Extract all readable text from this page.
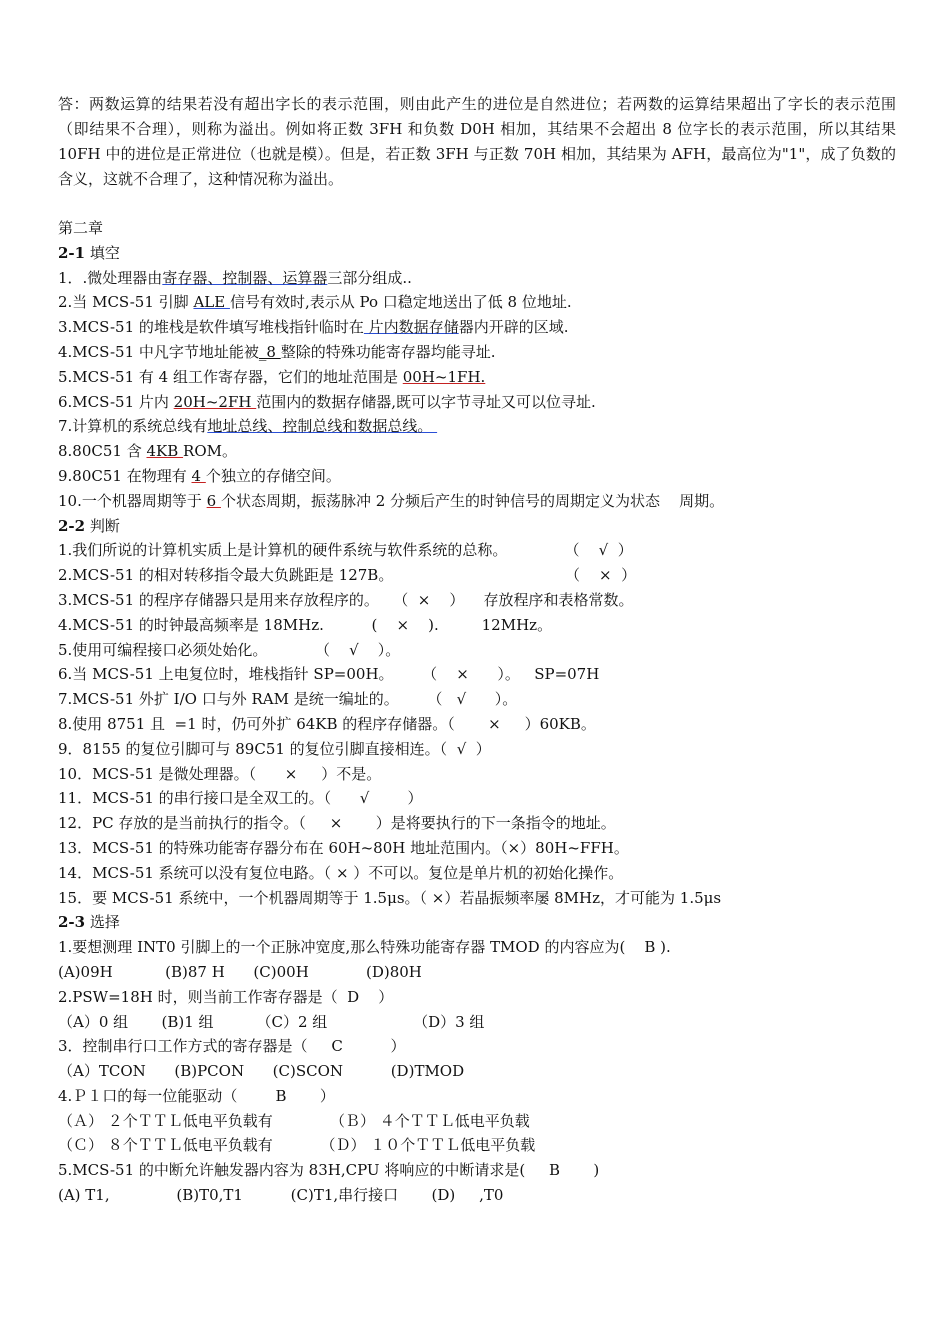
答：两数运算的结果若没有超出字长的表示范围，则由此产生的进位是自然进位；若两数的运算结果超出了字长的表示范围（即结果不合理），则称为溢出。例如将正数 3FH 和负数 D0H 相加，其结果不会超出 8 位字长的表示范围，所以其结果 10FH 中的进位是正常进位（也就是模）。但是，若正数 3FH 与正数 70H 相加，其结果为 AFH，最高位为"1"，成了负数的含义，这就不合理了，这种情况称为溢出。

第二章
2-1 填空
1．.微处理器由寄存器、控制器、运算器三部分组成..
2.当 MCS-51 引脚 ALE 信号有效时,表示从 Po 口稳定地送出了低 8 位地址.
3.MCS-51 的堆栈是软件填写堆栈指针临时在 片内数据存储器内开辟的区域.
4.MCS-51 中凡字节地址能被_8 整除的特殊功能寄存器均能寻址.
5.MCS-51 有 4 组工作寄存器，它们的地址范围是 00H~1FH.
6.MCS-51 片内 20H~2FH 范围内的数据存储器,既可以字节寻址又可以位寻址.
7.计算机的系统总线有地址总线、控制总线和数据总线。
8.80C51 含 4KB ROM。
9.80C51 在物理有 4 个独立的存储空间。
10.一个机器周期等于 6 个状态周期，振荡脉冲 2 分频后产生的时钟信号的周期定义为状态    周期。
2-2 判断
1.我们所说的计算机实质上是计算机的硬件系统与软件系统的总称。            （    √  ）
2.MCS-51 的相对转移指令最大负跳距是 127B。                                    （    ×  ）
3.MCS-51 的程序存储器只是用来存放程序的。   （  ×    ）    存放程序和表格常数。
4.MCS-51 的时钟最高频率是 18MHz.          (    ×    ).         12MHz。
5.使用可编程接口必须处始化。          （    √    ）。
6.当 MCS-51 上电复位时，堆栈指针 SP=00H。      （    ×      ）。   SP=07H
7.MCS-51 外扩 I/O 口与外 RAM 是统一编址的。      （   √      ）。
8.使用 8751 且  =1 时，仍可外扩 64KB 的程序存储器。（       ×     ）60KB。
9．8155 的复位引脚可与 89C51 的复位引脚直接相连。（  √  ）
10．MCS-51 是微处理器。（      ×     ）不是。
11．MCS-51 的串行接口是全双工的。（      √        ）
12．PC 存放的是当前执行的指令。（     ×       ）是将要执行的下一条指令的地址。
13．MCS-51 的特殊功能寄存器分布在 60H~80H 地址范围内。（×）80H~FFH。
14．MCS-51 系统可以没有复位电路。（ × ）不可以。复位是单片机的初始化操作。
15．要 MCS-51 系统中，一个机器周期等于 1.5μs。（ ×）若晶振频率屡 8MHz，才可能为 1.5μs
2-3 选择
1.要想测理 INT0 引脚上的一个正脉冲宽度,那么特殊功能寄存器 TMOD 的内容应为(    B ).
(A)09H           (B)87 H      (C)00H            (D)80H
2.PSW=18H 时，则当前工作寄存器是（  D    ）
（A）0 组       (B)1 组         （C）2 组                  （D）3 组
3．控制串行口工作方式的寄存器是（     C          ）
（A）TCON      (B)PCON      (C)SCON          (D)TMOD
4.Ｐ１口的每一位能驱动（        B       ）
（Ａ） ２个ＴＴＬ低电平负载有            （Ｂ） ４个ＴＴＬ低电平负载
（Ｃ） ８个ＴＴＬ低电平负载有          （Ｄ） １０个ＴＴＬ低电平负载
5.MCS-51 的中断允许触发器内容为 83H,CPU 将响应的中断请求是(     B       )
(A) T1,              (B)T0,T1          (C)T1,串行接口       (D)     ,T0
